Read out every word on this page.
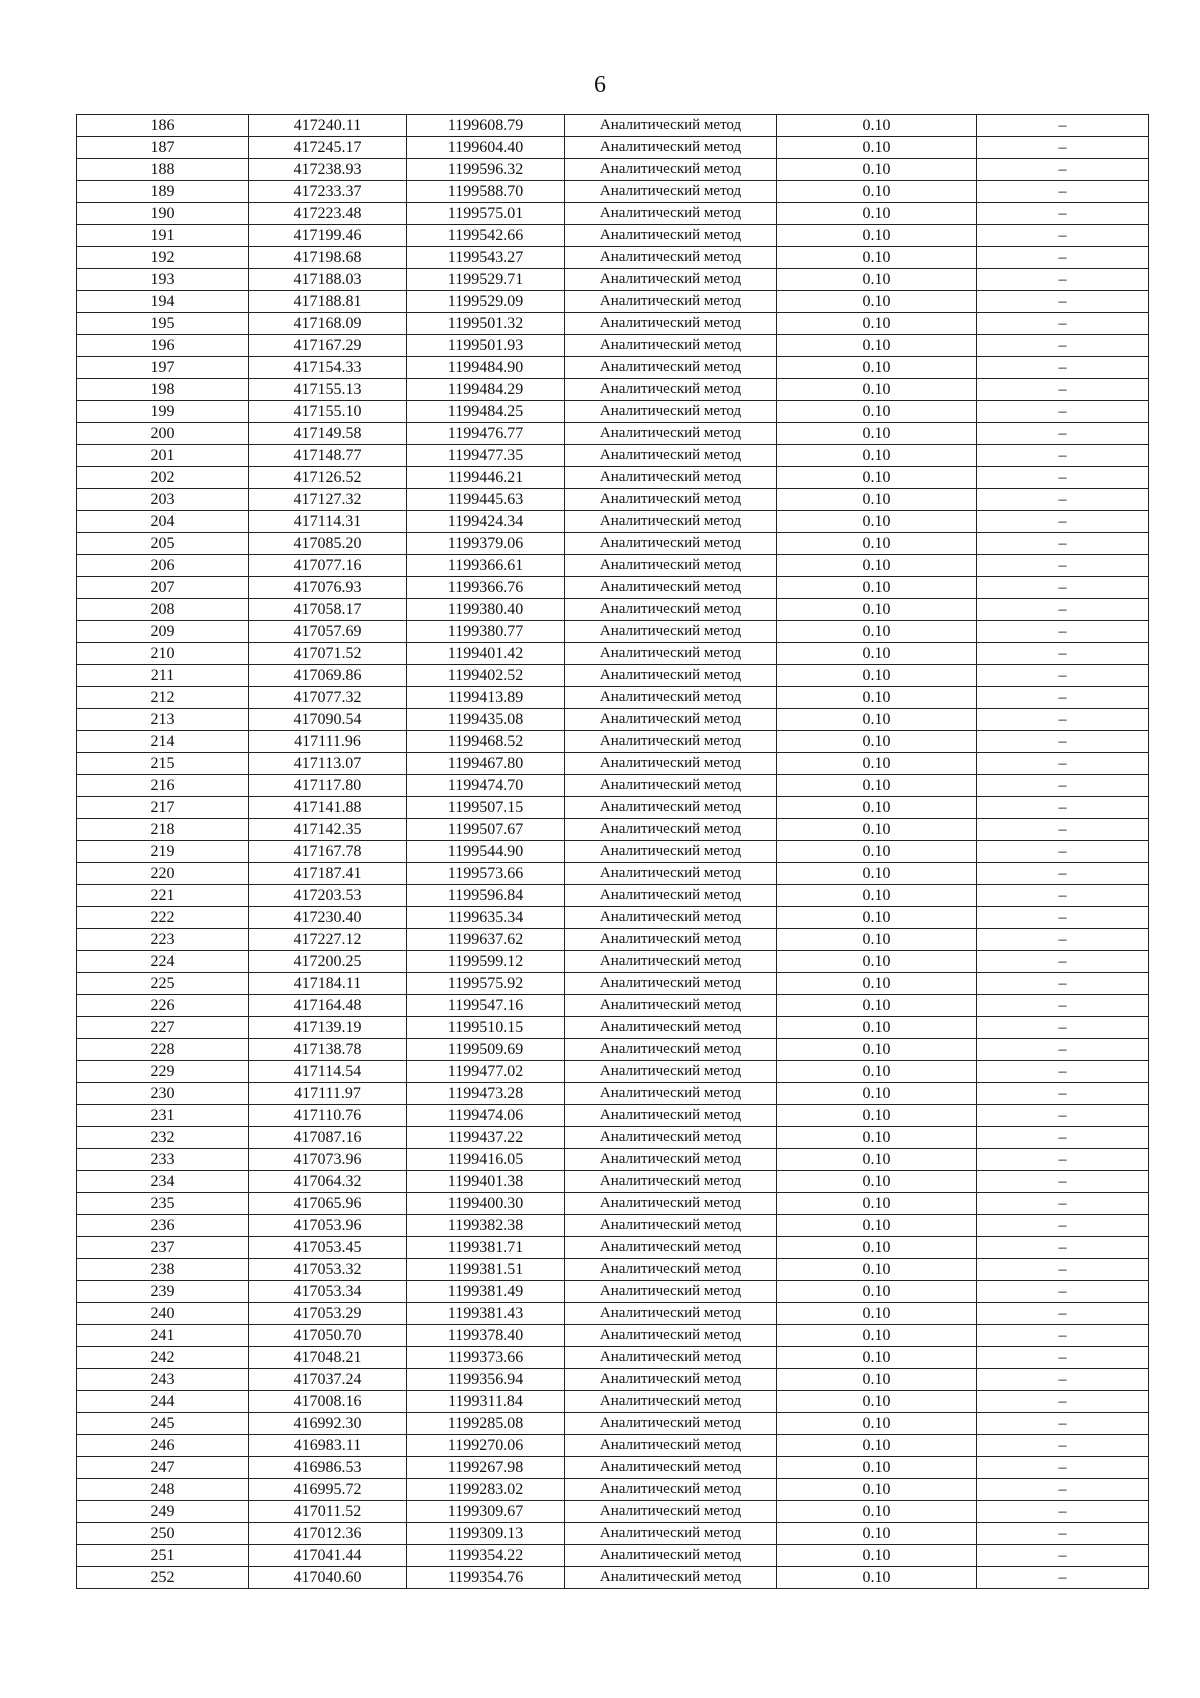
6
186	417240.11	1199608.79	Аналитический метод	0.10	–
187	417245.17	1199604.40	Аналитический метод	0.10	–
188	417238.93	1199596.32	Аналитический метод	0.10	–
189	417233.37	1199588.70	Аналитический метод	0.10	–
190	417223.48	1199575.01	Аналитический метод	0.10	–
191	417199.46	1199542.66	Аналитический метод	0.10	–
192	417198.68	1199543.27	Аналитический метод	0.10	–
193	417188.03	1199529.71	Аналитический метод	0.10	–
194	417188.81	1199529.09	Аналитический метод	0.10	–
195	417168.09	1199501.32	Аналитический метод	0.10	–
196	417167.29	1199501.93	Аналитический метод	0.10	–
197	417154.33	1199484.90	Аналитический метод	0.10	–
198	417155.13	1199484.29	Аналитический метод	0.10	–
199	417155.10	1199484.25	Аналитический метод	0.10	–
200	417149.58	1199476.77	Аналитический метод	0.10	–
201	417148.77	1199477.35	Аналитический метод	0.10	–
202	417126.52	1199446.21	Аналитический метод	0.10	–
203	417127.32	1199445.63	Аналитический метод	0.10	–
204	417114.31	1199424.34	Аналитический метод	0.10	–
205	417085.20	1199379.06	Аналитический метод	0.10	–
206	417077.16	1199366.61	Аналитический метод	0.10	–
207	417076.93	1199366.76	Аналитический метод	0.10	–
208	417058.17	1199380.40	Аналитический метод	0.10	–
209	417057.69	1199380.77	Аналитический метод	0.10	–
210	417071.52	1199401.42	Аналитический метод	0.10	–
211	417069.86	1199402.52	Аналитический метод	0.10	–
212	417077.32	1199413.89	Аналитический метод	0.10	–
213	417090.54	1199435.08	Аналитический метод	0.10	–
214	417111.96	1199468.52	Аналитический метод	0.10	–
215	417113.07	1199467.80	Аналитический метод	0.10	–
216	417117.80	1199474.70	Аналитический метод	0.10	–
217	417141.88	1199507.15	Аналитический метод	0.10	–
218	417142.35	1199507.67	Аналитический метод	0.10	–
219	417167.78	1199544.90	Аналитический метод	0.10	–
220	417187.41	1199573.66	Аналитический метод	0.10	–
221	417203.53	1199596.84	Аналитический метод	0.10	–
222	417230.40	1199635.34	Аналитический метод	0.10	–
223	417227.12	1199637.62	Аналитический метод	0.10	–
224	417200.25	1199599.12	Аналитический метод	0.10	–
225	417184.11	1199575.92	Аналитический метод	0.10	–
226	417164.48	1199547.16	Аналитический метод	0.10	–
227	417139.19	1199510.15	Аналитический метод	0.10	–
228	417138.78	1199509.69	Аналитический метод	0.10	–
229	417114.54	1199477.02	Аналитический метод	0.10	–
230	417111.97	1199473.28	Аналитический метод	0.10	–
231	417110.76	1199474.06	Аналитический метод	0.10	–
232	417087.16	1199437.22	Аналитический метод	0.10	–
233	417073.96	1199416.05	Аналитический метод	0.10	–
234	417064.32	1199401.38	Аналитический метод	0.10	–
235	417065.96	1199400.30	Аналитический метод	0.10	–
236	417053.96	1199382.38	Аналитический метод	0.10	–
237	417053.45	1199381.71	Аналитический метод	0.10	–
238	417053.32	1199381.51	Аналитический метод	0.10	–
239	417053.34	1199381.49	Аналитический метод	0.10	–
240	417053.29	1199381.43	Аналитический метод	0.10	–
241	417050.70	1199378.40	Аналитический метод	0.10	–
242	417048.21	1199373.66	Аналитический метод	0.10	–
243	417037.24	1199356.94	Аналитический метод	0.10	–
244	417008.16	1199311.84	Аналитический метод	0.10	–
245	416992.30	1199285.08	Аналитический метод	0.10	–
246	416983.11	1199270.06	Аналитический метод	0.10	–
247	416986.53	1199267.98	Аналитический метод	0.10	–
248	416995.72	1199283.02	Аналитический метод	0.10	–
249	417011.52	1199309.67	Аналитический метод	0.10	–
250	417012.36	1199309.13	Аналитический метод	0.10	–
251	417041.44	1199354.22	Аналитический метод	0.10	–
252	417040.60	1199354.76	Аналитический метод	0.10	–
